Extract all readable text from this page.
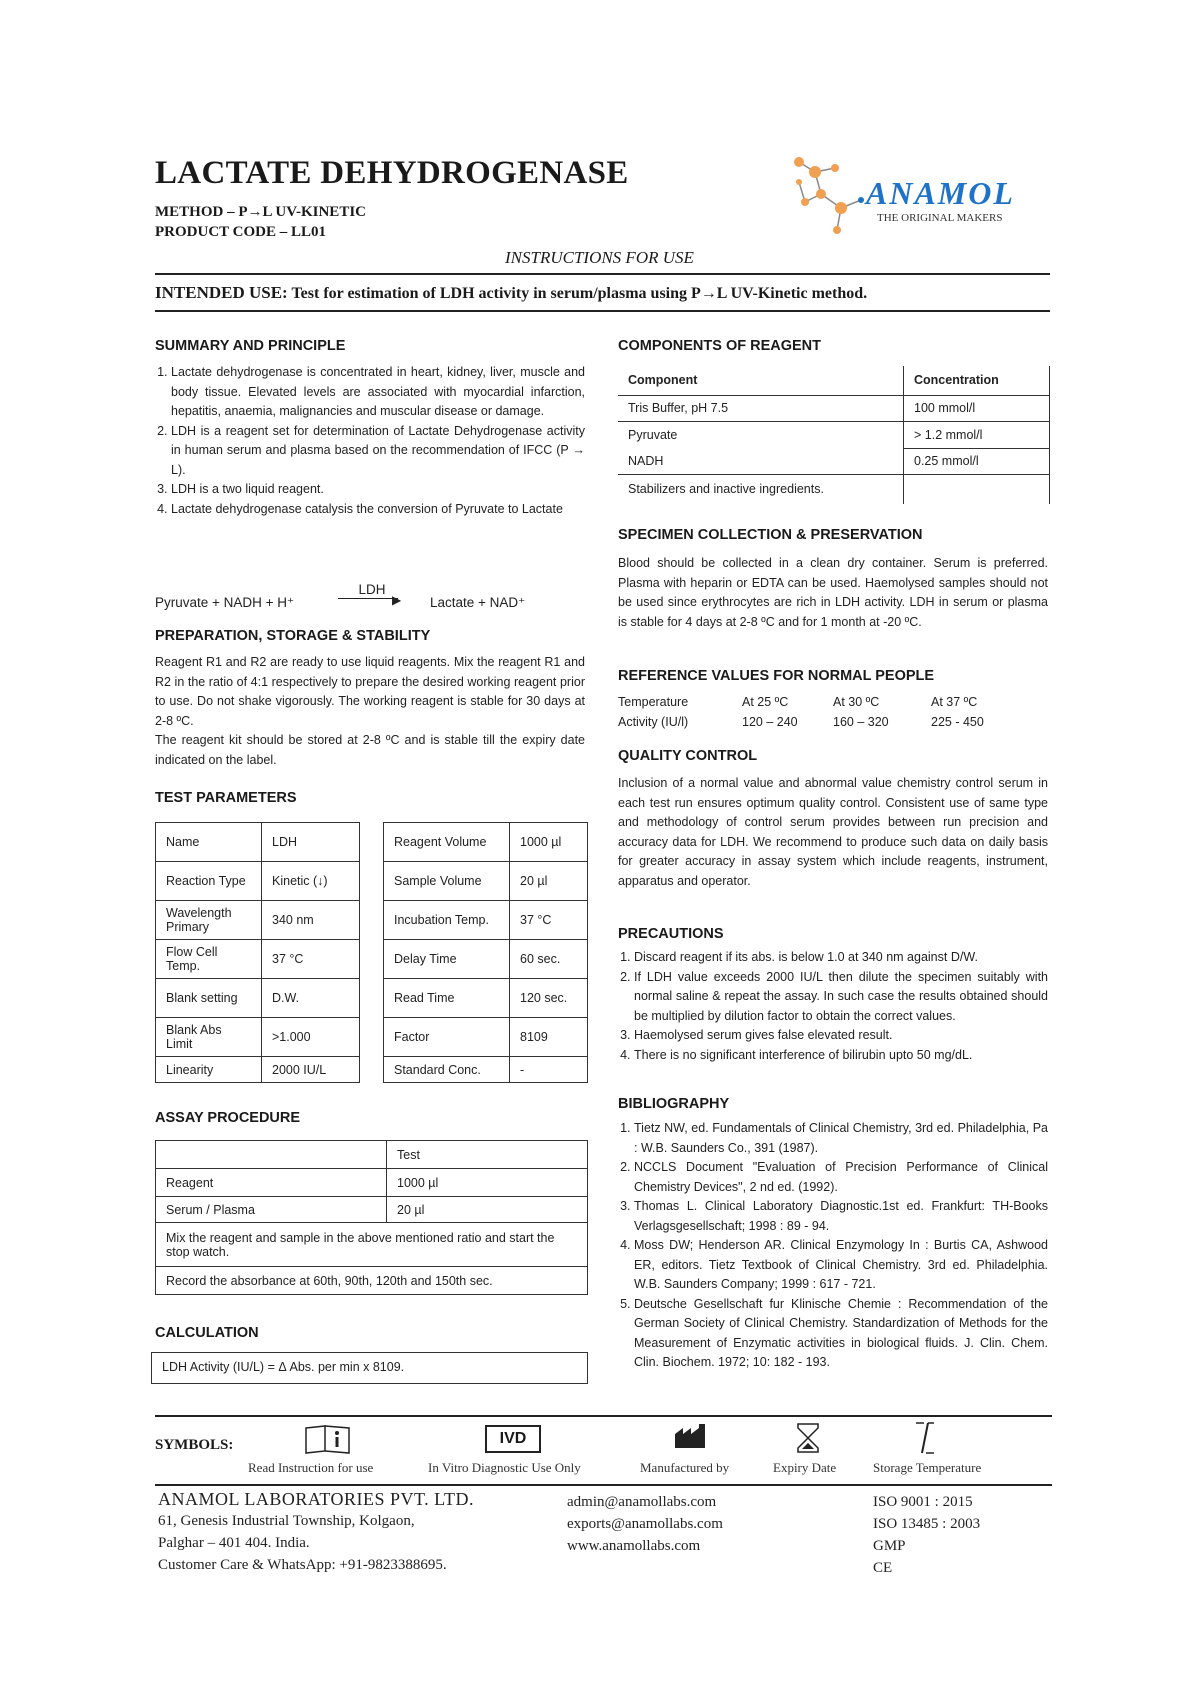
LACTATE DEHYDROGENASE
METHOD – P→L UV-KINETIC
PRODUCT CODE – LL01
ANAMOL
THE ORIGINAL MAKERS
INSTRUCTIONS FOR USE
INTENDED USE: Test for estimation of LDH activity in serum/plasma using P→L UV-Kinetic method.
SUMMARY AND PRINCIPLE
1. Lactate dehydrogenase is concentrated in heart, kidney, liver, muscle and body tissue. Elevated levels are associated with myocardial infarction, hepatitis, anaemia, malignancies and muscular disease or damage.
2. LDH is a reagent set for determination of Lactate Dehydrogenase activity in human serum and plasma based on the recommendation of IFCC (P → L).
3. LDH is a two liquid reagent.
4. Lactate dehydrogenase catalysis the conversion of Pyruvate to Lactate
Pyruvate + NADH + H⁺
LDH
▶ Lactate + NAD⁺
PREPARATION, STORAGE & STABILITY
Reagent R1 and R2 are ready to use liquid reagents. Mix the reagent R1 and R2 in the ratio of 4:1 respectively to prepare the desired working reagent prior to use. Do not shake vigorously. The working reagent is stable for 30 days at 2-8 ºC.
The reagent kit should be stored at 2-8 ºC and is stable till the expiry date indicated on the label.
TEST PARAMETERS
Name	LDH
Reaction Type	Kinetic (↓)
Wavelength Primary	340 nm
Flow Cell Temp.	37 °C
Blank setting	D.W.
Blank Abs Limit	>1.000
Linearity	2000 IU/L
Reagent Volume	1000 µl
Sample Volume	20 µl
Incubation Temp.	37 °C
Delay Time	60 sec.
Read Time	120 sec.
Factor	8109
Standard Conc.	-
ASSAY PROCEDURE
	Test
Reagent	1000 µl
Serum / Plasma	20 µl
Mix the reagent and sample in the above mentioned ratio and start the stop watch.	
Record the absorbance at 60th, 90th, 120th and 150th sec.	
CALCULATION
LDH Activity (IU/L) = Δ Abs. per min x 8109.
COMPONENTS OF REAGENT
Component	Concentration
Tris Buffer, pH 7.5	100 mmol/l
Pyruvate	> 1.2 mmol/l
NADH	0.25 mmol/l
Stabilizers and inactive ingredients.	
SPECIMEN COLLECTION & PRESERVATION
Blood should be collected in a clean dry container. Serum is preferred. Plasma with heparin or EDTA can be used. Haemolysed samples should not be used since erythrocytes are rich in LDH activity. LDH in serum or plasma is stable for 4 days at 2-8 ºC and for 1 month at -20 ºC.
REFERENCE VALUES FOR NORMAL PEOPLE
Temperature	At 25 ºC	At 30 ºC	At 37 ºC
Activity (IU/l)	120 – 240	160 – 320	225 - 450
QUALITY CONTROL
Inclusion of a normal value and abnormal value chemistry control serum in each test run ensures optimum quality control. Consistent use of same type and methodology of control serum provides between run precision and accuracy data for LDH. We recommend to produce such data on daily basis for greater accuracy in assay system which include reagents, instrument, apparatus and operator.
PRECAUTIONS
1. Discard reagent if its abs. is below 1.0 at 340 nm against D/W.
2. If LDH value exceeds 2000 IU/L then dilute the specimen suitably with normal saline & repeat the assay. In such case the results obtained should be multiplied by dilution factor to obtain the correct values.
3. Haemolysed serum gives false elevated result.
4. There is no significant interference of bilirubin upto 50 mg/dL.
BIBLIOGRAPHY
1. Tietz NW, ed. Fundamentals of Clinical Chemistry, 3rd ed. Philadelphia, Pa : W.B. Saunders Co., 391 (1987).
2. NCCLS Document "Evaluation of Precision Performance of Clinical Chemistry Devices", 2 nd ed. (1992).
3. Thomas L. Clinical Laboratory Diagnostic.1st ed. Frankfurt: TH-Books Verlagsgesellschaft; 1998 : 89 - 94.
4. Moss DW; Henderson AR. Clinical Enzymology In : Burtis CA, Ashwood ER, editors. Tietz Textbook of Clinical Chemistry. 3rd ed. Philadelphia. W.B. Saunders Company; 1999 : 617 - 721.
5. Deutsche Gesellschaft fur Klinische Chemie : Recommendation of the German Society of Clinical Chemistry. Standardization of Methods for the Measurement of Enzymatic activities in biological fluids. J. Clin. Chem. Clin. Biochem. 1972; 10: 182 - 193.
SYMBOLS:	IVD
Read Instruction for use	In Vitro Diagnostic Use Only	Manufactured by	Expiry Date	Storage Temperature
ANAMOL LABORATORIES PVT. LTD.
61, Genesis Industrial Township, Kolgaon,
Palghar – 401 404. India.
Customer Care & WhatsApp: +91-9823388695.
admin@anamollabs.com
exports@anamollabs.com
www.anamollabs.com
ISO 9001 : 2015
ISO 13485 : 2003
GMP
CE
